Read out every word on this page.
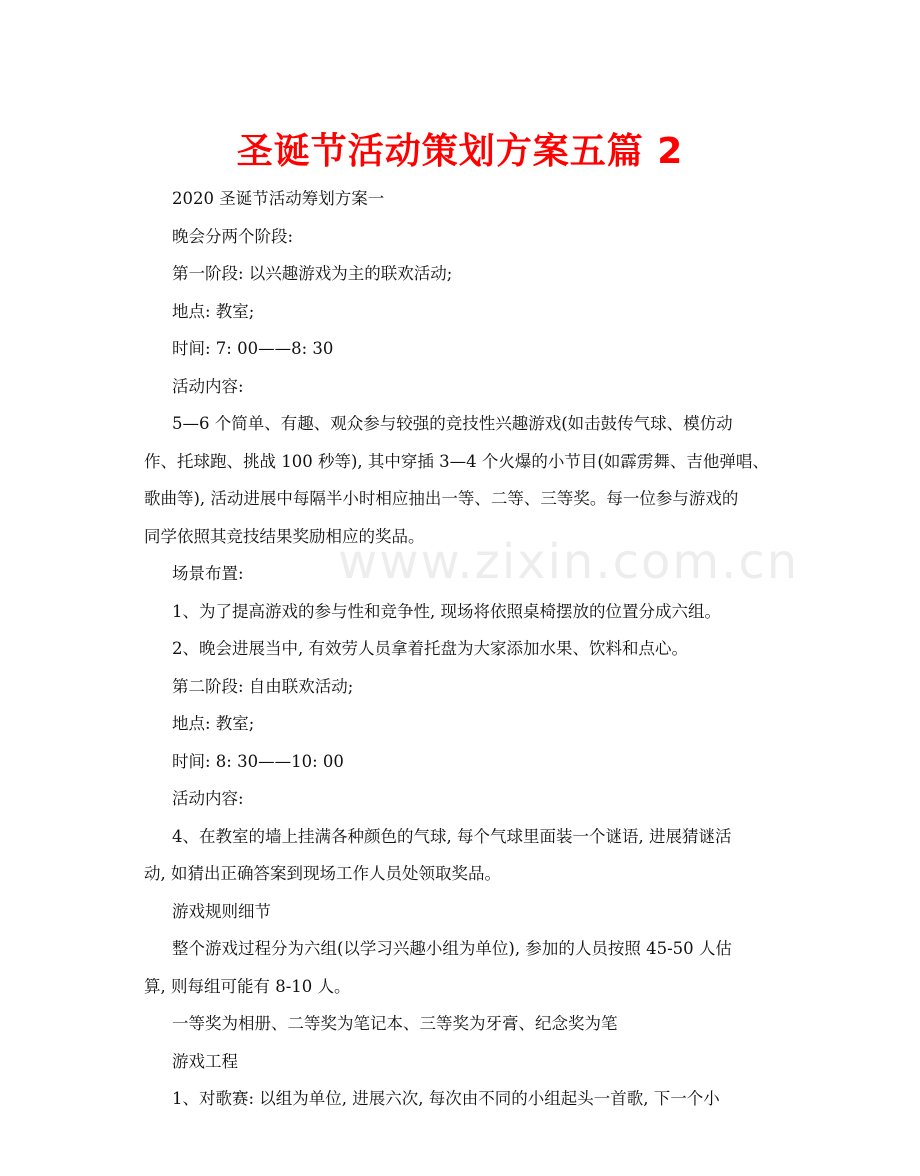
www.zixin.com.cn
圣诞节活动策划方案五篇 2
2020 圣诞节活动筹划方案一
晚会分两个阶段:
第一阶段: 以兴趣游戏为主的联欢活动;
地点: 教室;
时间: 7: 00——8: 30
活动内容:
5—6 个简单、有趣、观众参与较强的竞技性兴趣游戏(如击鼓传气球、模仿动
作、托球跑、挑战 100 秒等), 其中穿插 3—4 个火爆的小节目(如霹雳舞、吉他弹唱、
歌曲等), 活动进展中每隔半小时相应抽出一等、二等、三等奖。每一位参与游戏的
同学依照其竞技结果奖励相应的奖品。
场景布置:
1、为了提高游戏的参与性和竞争性, 现场将依照桌椅摆放的位置分成六组。
2、晚会进展当中, 有效劳人员拿着托盘为大家添加水果、饮料和点心。
第二阶段: 自由联欢活动;
地点: 教室;
时间: 8: 30——10: 00
活动内容:
4、在教室的墙上挂满各种颜色的气球, 每个气球里面装一个谜语, 进展猜谜活
动, 如猜出正确答案到现场工作人员处领取奖品。
游戏规则细节
整个游戏过程分为六组(以学习兴趣小组为单位), 参加的人员按照 45-50 人估
算, 则每组可能有 8-10 人。
一等奖为相册、二等奖为笔记本、三等奖为牙膏、纪念奖为笔
游戏工程
1、对歌赛: 以组为单位, 进展六次, 每次由不同的小组起头一首歌, 下一个小
